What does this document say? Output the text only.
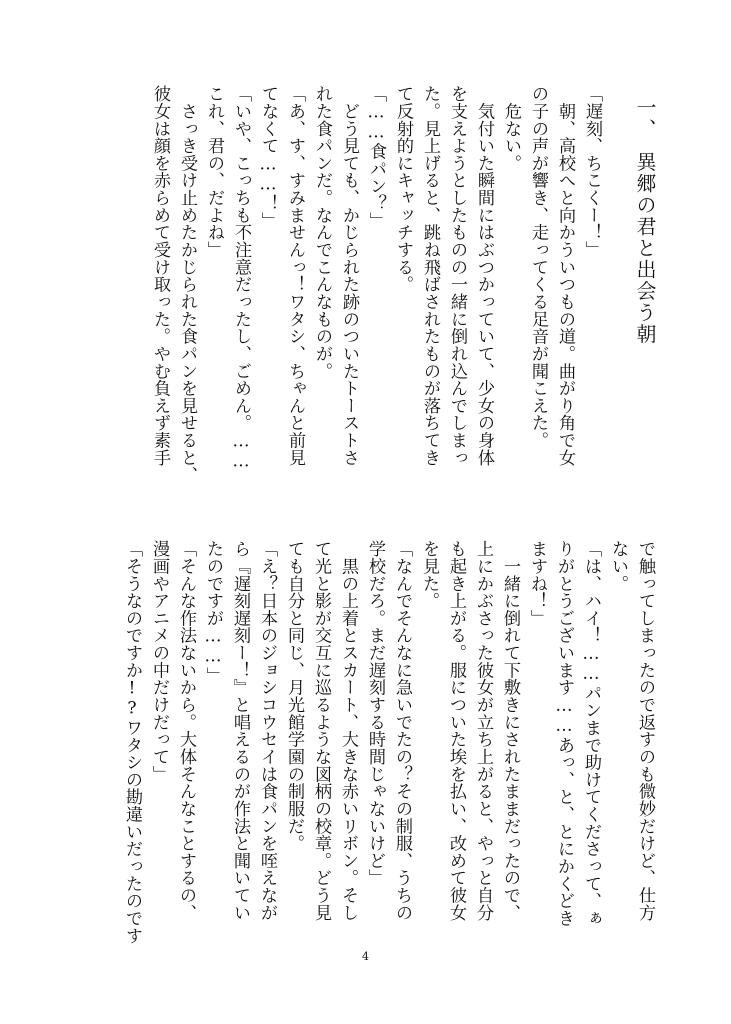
一、　異郷の君と出会う朝

「遅刻、ちこくー！」

　朝、高校へと向かういつもの道。曲がり角で女

の子の声が響き、走ってくる足音が聞こえた。

　危ない。

　気付いた瞬間にはぶつかっていて、少女の身体

を支えようとしたものの一緒に倒れ込んでしまっ

た。見上げると、跳ね飛ばされたものが落ちてき

て反射的にキャッチする。

「……食パン？」

　どう見ても、かじられた跡のついたトーストさ

れた食パンだ。なんでこんなものが。

「あ、す、すみませんっ！ワタシ、ちゃんと前見

てなくて……！」

「いや、こっちも不注意だったし、ごめん。……

これ、君の、だよね」

　さっき受け止めたかじられた食パンを見せると、

彼女は顔を赤らめて受け取った。やむ負えず素手

で触ってしまったので返すのも微妙だけど、仕方

ない。

「は、ハイ！……パンまで助けてくださって、ぁ

りがとうございます……あっ、と、とにかくどき

ますね！」

　一緒に倒れて下敷きにされたままだったので、

上にかぶさった彼女が立ち上がると、やっと自分

も起き上がる。服についた埃を払い、改めて彼女

を見た。

「なんでそんなに急いでたの？その制服、うちの

学校だろ。まだ遅刻する時間じゃないけど」

　黒の上着とスカート、大きな赤いリボン。そし

て光と影が交互に巡るような図柄の校章。どう見

ても自分と同じ、月光館学園の制服だ。

「え？日本のジョシコウセイは食パンを咥えなが

ら『遅刻遅刻ー！』と唱えるのが作法と聞いてい

たのですが……」

「そんな作法ないから。大体そんなことするの、

漫画やアニメの中だけだって」

「そうなのですか!?ワタシの勘違いだったのです

4
